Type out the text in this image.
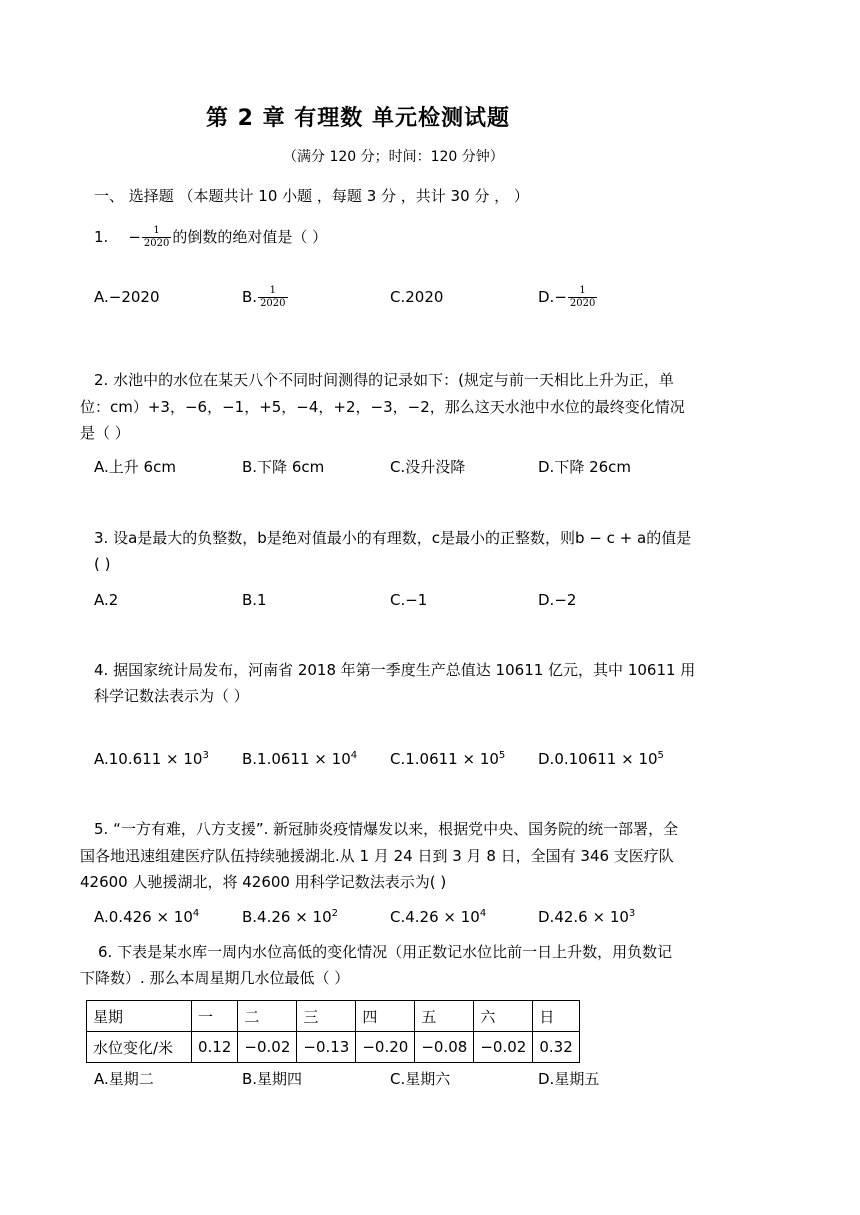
第 2 章 有理数 单元检测试题
（满分 120 分；时间：120 分钟）
一、 选择题 （本题共计 10 小题 ，每题 3 分 ，共计 30 分 ， ）
1. − $\frac{1}{2020}$ 的倒数的绝对值是（ ）
A.−2020	B. $\frac{1}{2020}$	C.2020	$D.- \frac{1}{2020}$
2. 水池中的水位在某天八个不同时间测得的记录如下：(规定与前一天相比上升为正，单
位：cm）+3，−6，−1，+5，−4，+2，−3，−2，那么这天水池中水位的最终变化情况
是（ ）
A.上升 6cm	B.下降 6cm	C.没升没降	D.下降 26cm
3. 设a是最大的负整数，b是绝对值最小的有理数，c是最小的正整数，则b − c + a的值是
( )
A.2	B.1	C.−1	D.−2
4. 据国家统计局发布，河南省 2018 年第一季度生产总值达 10611 亿元，其中 10611 用
科学记数法表示为（ ）
$A.10.611 \times 10^3$ $B.1.0611 \times 10^4$ $C.1.0611 \times 10^5$ $D.0.10611 \times 10^5$
5. “一方有难，八方支援”. 新冠肺炎疫情爆发以来，根据党中央、国务院的统一部署，全
国各地迅速组建医疗队伍持续驰援湖北.从 1 月 24 日到 3 月 8 日，全国有 346 支医疗队
42600 人驰援湖北，将 42600 用科学记数法表示为( )
$A.0.426 \times 10^4$	$B.4.26 \times 10^2$	$C.4.26 \times 10^4$	$D.42.6 \times 10^3$
6. 下表是某水库一周内水位高低的变化情况（用正数记水位比前一日上升数，用负数记
下降数）. 那么本周星期几水位最低（ ）
星期	一	二	三	四	五	六	日
水位变化/米	0.12	−0.02	−0.13	−0.20	−0.08	−0.02	0.32
A.星期二	B.星期四	C.星期六	D.星期五
